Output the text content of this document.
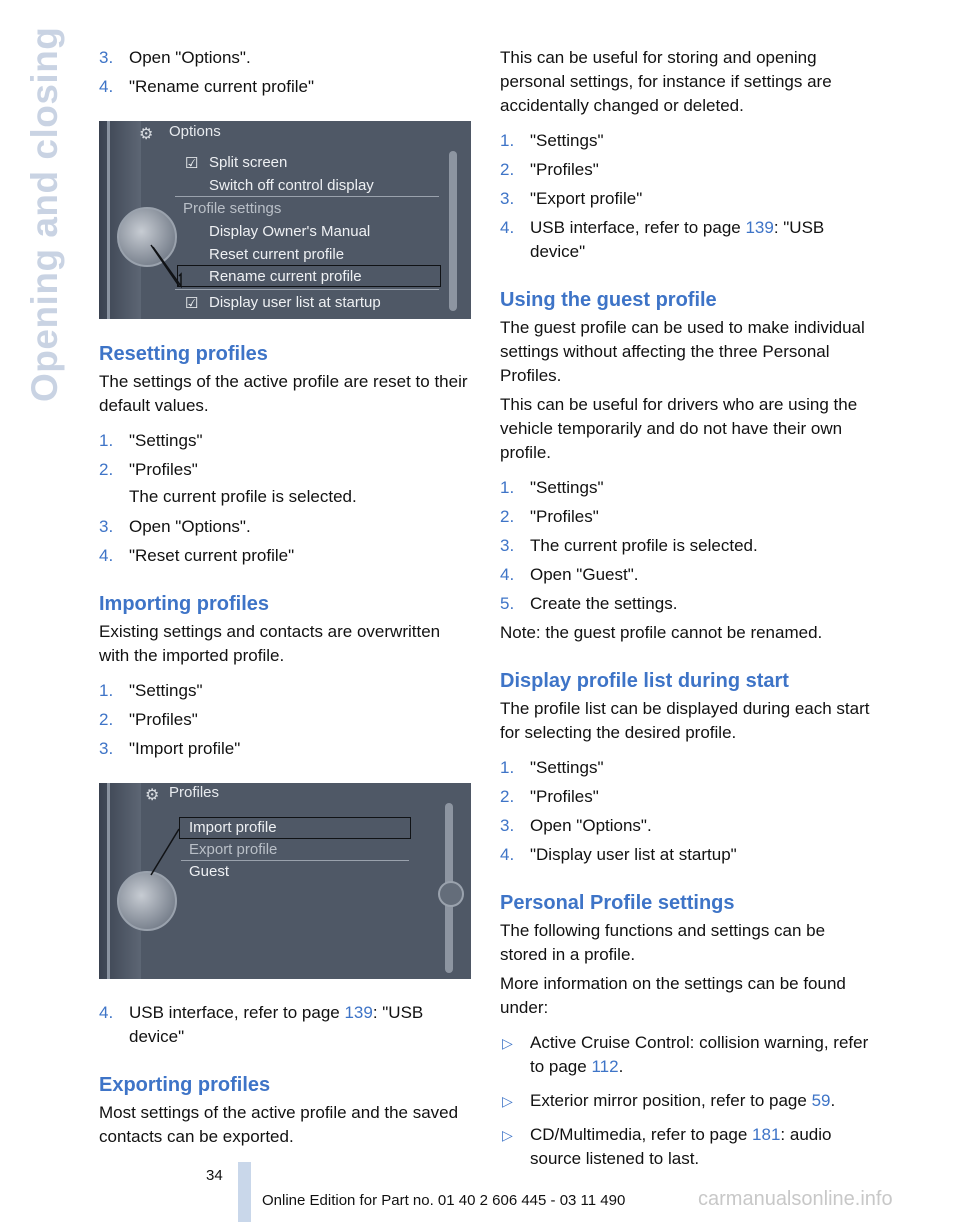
Opening and closing 3. Open "Options".
4. "Rename current profile"
⚙ Options
☑ Split screen
Switch off control display
Profile settings
Display Owner's Manual
Reset current profile
Rename current profile
☑ Display user list at startup
Resetting profiles

The settings of the active profile are reset to their default values.

1. "Settings"
2. "Profiles"
The current profile is selected.
3. Open "Options".
4. "Reset current profile"
Importing profiles

Existing settings and contacts are overwritten with the imported profile.

1. "Settings"
2. "Profiles"
3. "Import profile"
⚙ Profiles
Import profile
Export profile
Guest
4. USB interface, refer to page 139: "USB device"
Exporting profiles

Most settings of the active profile and the saved contacts can be exported.

This can be useful for storing and opening personal settings, for instance if settings are accidentally changed or deleted.

1. "Settings"
2. "Profiles"
3. "Export profile"
4. USB interface, refer to page 139: "USB device"
Using the guest profile

The guest profile can be used to make individual settings without affecting the three Personal Profiles.

This can be useful for drivers who are using the vehicle temporarily and do not have their own profile.

1. "Settings"
2. "Profiles"
3. The current profile is selected.
4. Open "Guest".
5. Create the settings.

Note: the guest profile cannot be renamed.

Display profile list during start

The profile list can be displayed during each start for selecting the desired profile.

1. "Settings"
2. "Profiles"
3. Open "Options".
4. "Display user list at startup"
Personal Profile settings

The following functions and settings can be stored in a profile.

More information on the settings can be found under:

▷ Active Cruise Control: collision warning, refer to page 112.
▷ Exterior mirror position, refer to page 59.
▷ CD/Multimedia, refer to page 181: audio source listened to last.
34
Online Edition for Part no. 01 40 2 606 445 - 03 11 490	carmanualsonline.info
